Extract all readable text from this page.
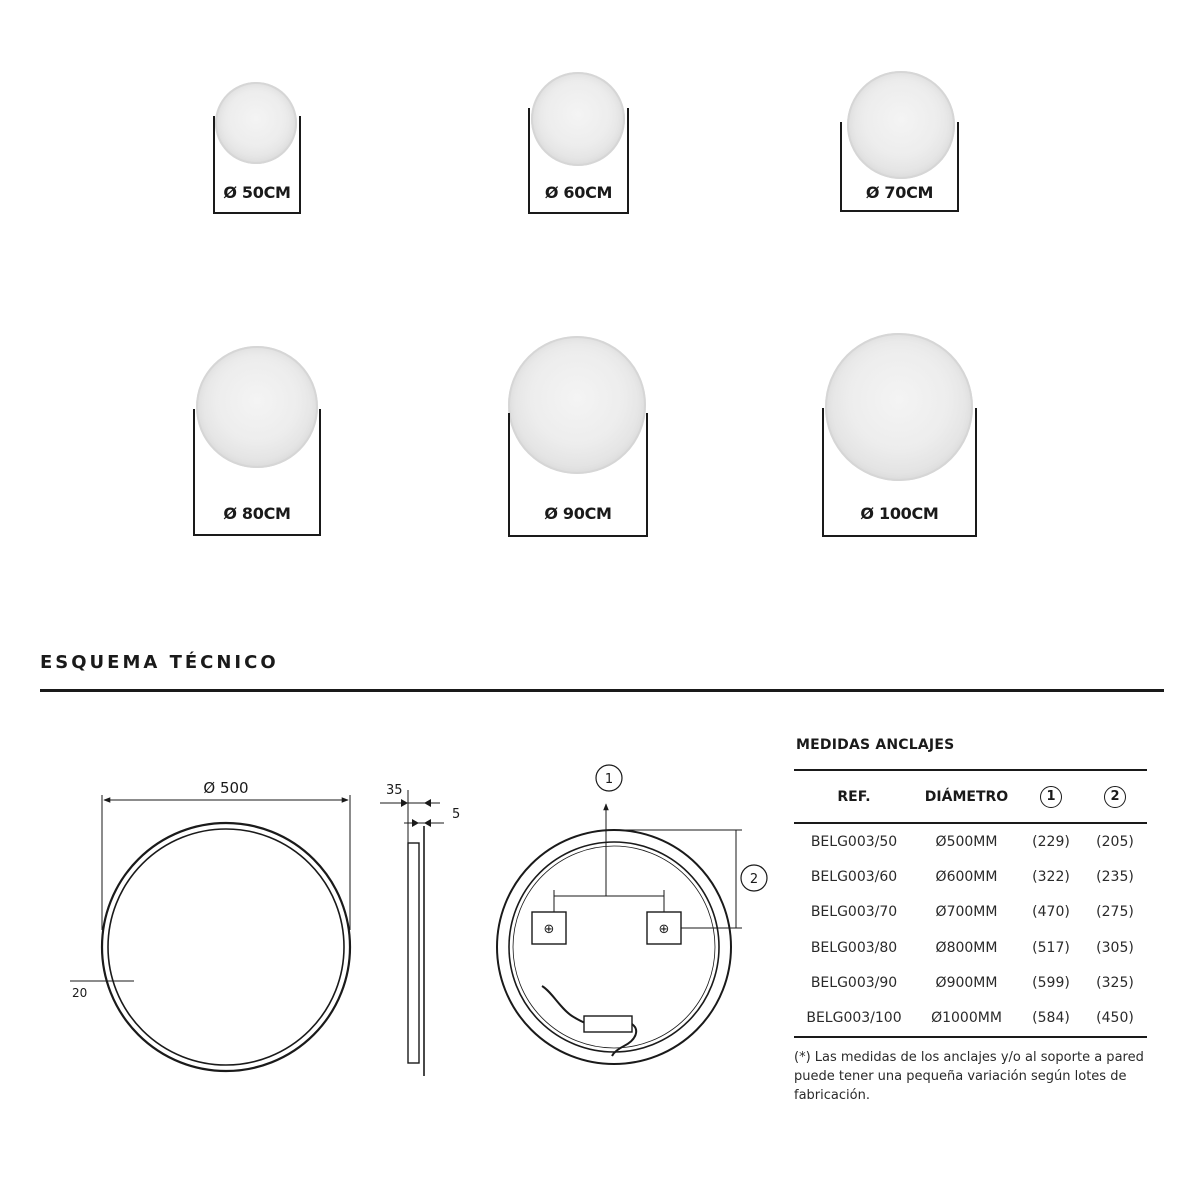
Ø 50CM	Ø 60CM	Ø 70CM
Ø 80CM	Ø 90CM	Ø 100CM
ESQUEMA TÉCNICO
Ø 500
20
35
5
1
⊕	⊕
2
MEDIDAS ANCLAJES
REF.	DIÁMETRO	1	2
BELG003/50	Ø500MM	(229)	(205)
BELG003/60	Ø600MM	(322)	(235)
BELG003/70	Ø700MM	(470)	(275)
BELG003/80	Ø800MM	(517)	(305)
BELG003/90	Ø900MM	(599)	(325)
BELG003/100	Ø1000MM	(584)	(450)
(*) Las medidas de los anclajes y/o al soporte a pared puede tener una pequeña variación según lotes de fabricación.
